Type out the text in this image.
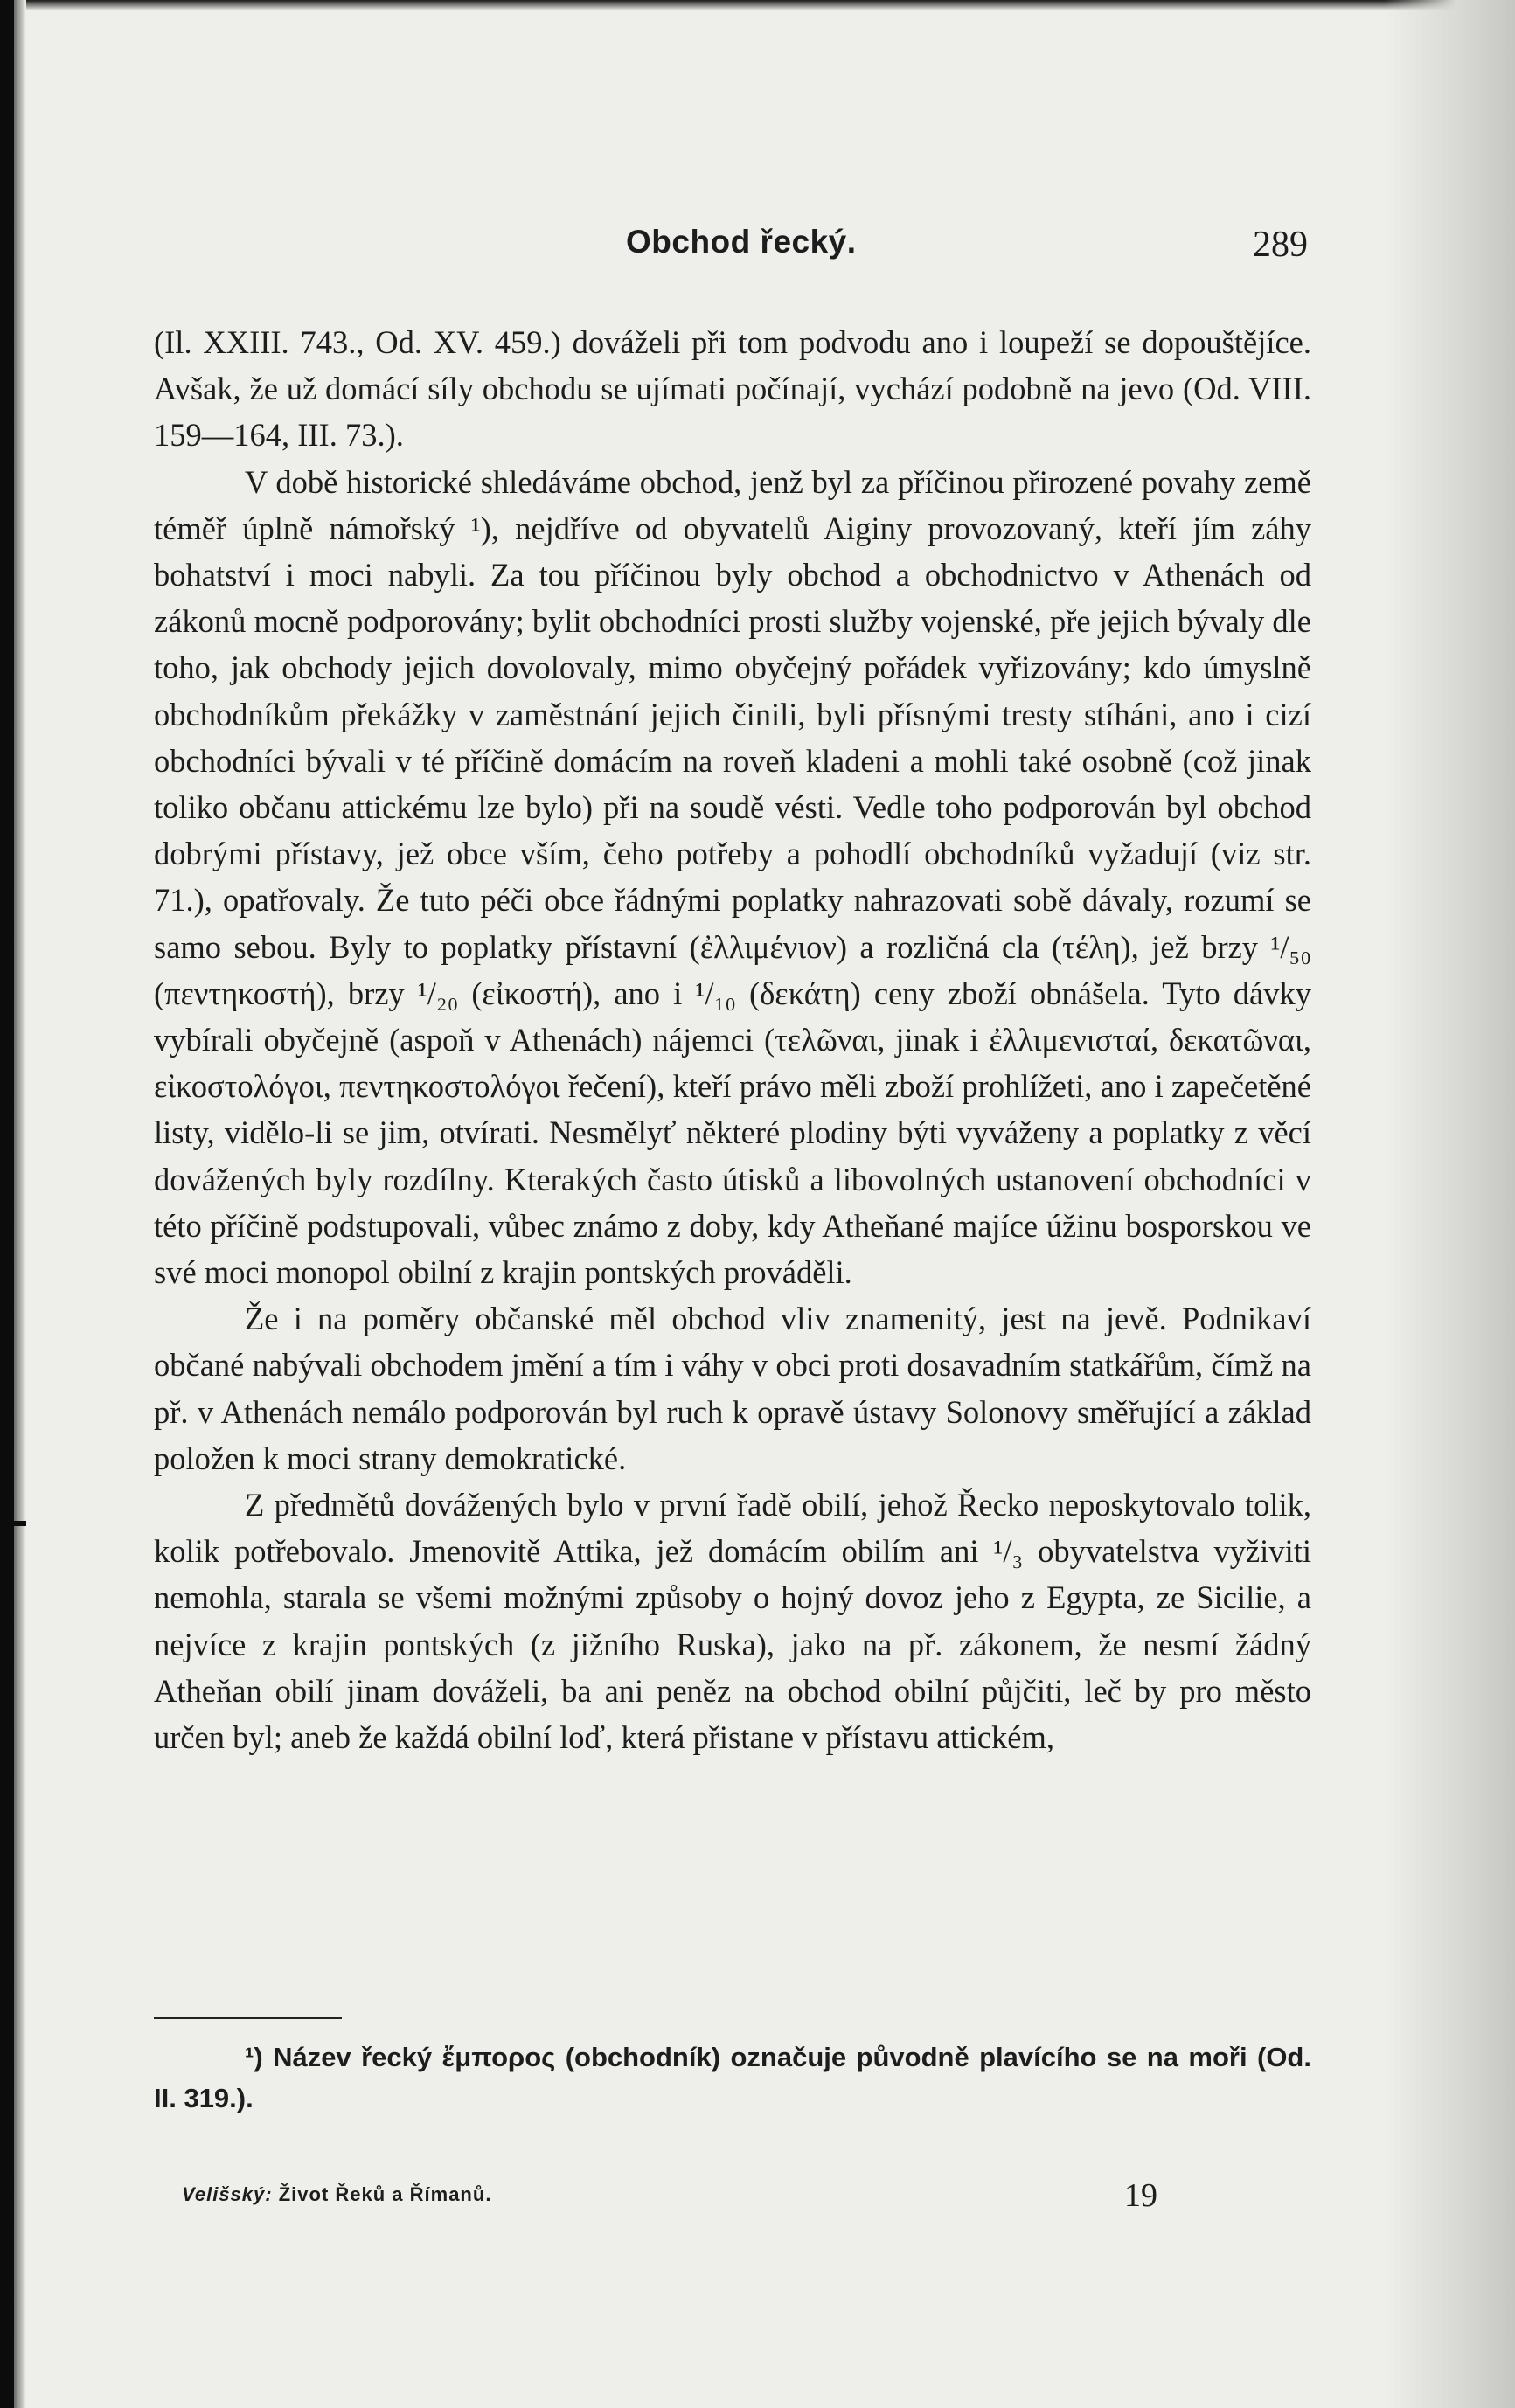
Obchod řecký.	289

(Il. XXIII. 743., Od. XV. 459.) dováželi při tom podvodu ano i loupeží se dopouštějíce. Avšak, že už domácí síly obchodu se ujímati počínají, vychází podobně na jevo (Od. VIII. 159—164, III. 73.).

V době historické shledáváme obchod, jenž byl za příčinou přirozené povahy země téměř úplně námořský ¹), nejdříve od obyvatelů Aiginy provozovaný, kteří jím záhy bohatství i moci nabyli. Za tou příčinou byly obchod a obchodnictvo v Athenách od zákonů mocně podporovány; bylit obchodníci prosti služby vojenské, pře jejich bývaly dle toho, jak obchody jejich dovolovaly, mimo obyčejný pořádek vyřizovány; kdo úmyslně obchodníkům překážky v zaměstnání jejich činili, byli přísnými tresty stíháni, ano i cizí obchodníci bývali v té příčině domácím na roveň kladeni a mohli také osobně (což jinak toliko občanu attickému lze bylo) při na soudě vésti. Vedle toho podporován byl obchod dobrými přístavy, jež obce vším, čeho potřeby a pohodlí obchodníků vyžadují (viz str. 71.), opatřovaly. Že tuto péči obce řádnými poplatky nahrazovati sobě dávaly, rozumí se samo sebou. Byly to poplatky přístavní (ἐλλιμένιον) a rozličná cla (τέλη), jež brzy ¹/₅₀ (πεντηκοστή), brzy ¹/₂₀ (εἰκοστή), ano i ¹/₁₀ (δεκάτη) ceny zboží obnášela. Tyto dávky vybírali obyčejně (aspoň v Athenách) nájemci (τελῶναι, jinak i ἐλλιμενισταί, δεκατῶναι, εἰκοστολόγοι, πεντηκοστολόγοι řečení), kteří právo měli zboží prohlížeti, ano i zapečetěné listy, vidělo-li se jim, otvírati. Nesmělyť některé plodiny býti vyváženy a poplatky z věcí dovážených byly rozdílny. Kterakých často útisků a libovolných ustanovení obchodníci v této příčině podstupovali, vůbec známo z doby, kdy Atheňané majíce úžinu bosporskou ve své moci monopol obilní z krajin pontských prováděli.

Že i na poměry občanské měl obchod vliv znamenitý, jest na jevě. Podnikaví občané nabývali obchodem jmění a tím i váhy v obci proti dosavadním statkářům, čímž na př. v Athenách nemálo podporován byl ruch k opravě ústavy Solonovy směřující a základ položen k moci strany demokratické.

Z předmětů dovážených bylo v první řadě obilí, jehož Řecko neposkytovalo tolik, kolik potřebovalo. Jmenovitě Attika, jež domácím obilím ani ¹/₃ obyvatelstva vyživiti nemohla, starala se všemi možnými způsoby o hojný dovoz jeho z Egypta, ze Sicilie, a nejvíce z krajin pontských (z jižního Ruska), jako na př. zákonem, že nesmí žádný Atheňan obilí jinam dováželi, ba ani peněz na obchod obilní půjčiti, leč by pro město určen byl; aneb že každá obilní loď, která přistane v přístavu attickém,

¹) Název řecký ἔμπορος (obchodník) označuje původně plavícího se na moři (Od. II. 319.).

Velišský: Život Řeků a Římanů.	19
